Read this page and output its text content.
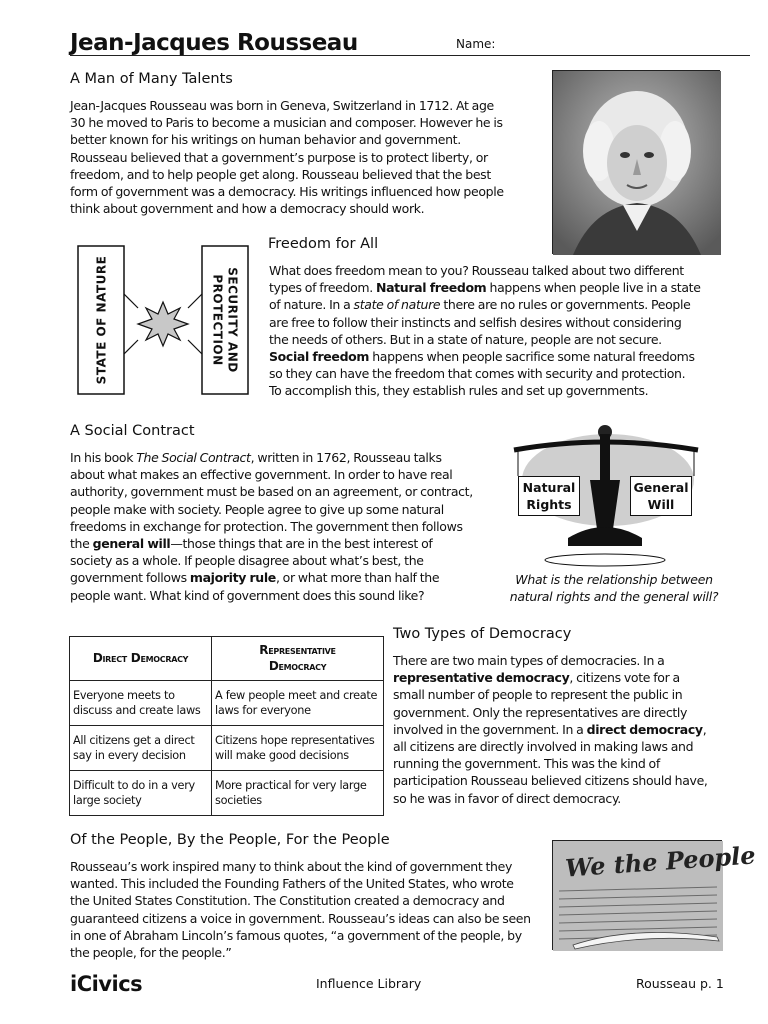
Jean-Jacques Rousseau	Name:
A Man of Many Talents
Jean-Jacques Rousseau was born in Geneva, Switzerland in 1712. At age
30 he moved to Paris to become a musician and composer. However he is
better known for his writings on human behavior and government.
Rousseau believed that a government’s purpose is to protect liberty, or
freedom, and to help people get along. Rousseau believed that the best
form of government was a democracy. His writings influenced how people
think about government and how a democracy should work.
STATE OF NATURE	SECURITY AND
PROTECTION
Freedom for All
What does freedom mean to you? Rousseau talked about two different
types of freedom. Natural freedom happens when people live in a state
of nature. In a state of nature there are no rules or governments. People
are free to follow their instincts and selfish desires without considering
the needs of others. But in a state of nature, people are not secure.
Social freedom happens when people sacrifice some natural freedoms
so they can have the freedom that comes with security and protection.
To accomplish this, they establish rules and set up governments.
A Social Contract
In his book The Social Contract, written in 1762, Rousseau talks
about what makes an effective government. In order to have real
authority, government must be based on an agreement, or contract,
people make with society. People agree to give up some natural
freedoms in exchange for protection. The government then follows
the general will—those things that are in the best interest of
society as a whole. If people disagree about what’s best, the
government follows majority rule, or what more than half the
people want. What kind of government does this sound like?
Natural
Rights
General
Will
What is the relationship between
natural rights and the general will?
Direct Democracy	Representative
Democracy

Everyone meets to discuss and create laws	A few people meet and create laws for everyone
All citizens get a direct say in every decision	Citizens hope representatives will make good decisions
Difficult to do in a very large society	More practical for very large societies
Two Types of Democracy
There are two main types of democracies. In a
representative democracy, citizens vote for a
small number of people to represent the public in
government. Only the representatives are directly
involved in the government. In a direct democracy,
all citizens are directly involved in making laws and
running the government. This was the kind of
participation Rousseau believed citizens should have,
so he was in favor of direct democracy.
Of the People, By the People, For the People
Rousseau’s work inspired many to think about the kind of government they
wanted. This included the Founding Fathers of the United States, who wrote
the United States Constitution. The Constitution created a democracy and
guaranteed citizens a voice in government. Rousseau’s ideas can also be seen
in one of Abraham Lincoln’s famous quotes, “a government of the people, by
the people, for the people.”
We the People
iCivics	Influence Library	Rousseau p. 1
